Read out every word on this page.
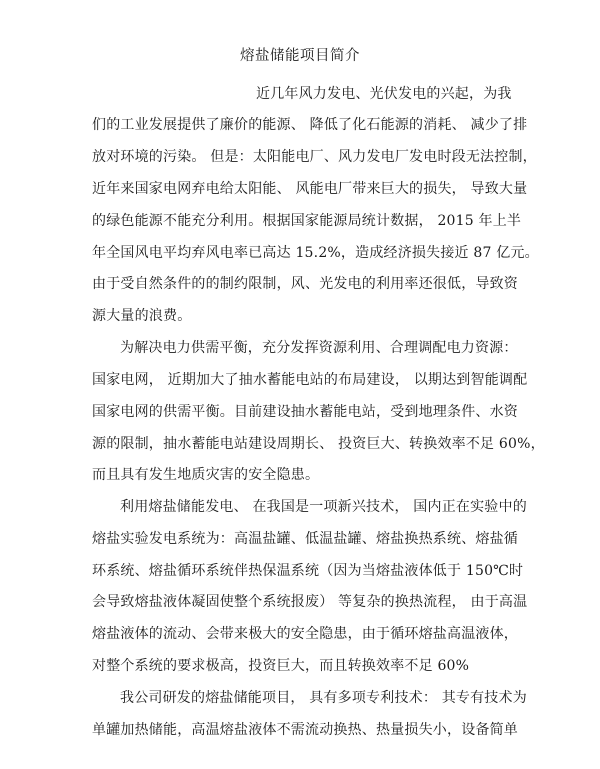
熔盐储能项目简介
近几年风力发电、光伏发电的兴起，为我
们的工业发展提供了廉价的能源、 降低了化石能源的消耗、 减少了排
放对环境的污染。 但是：太阳能电厂、风力发电厂发电时段无法控制，
近年来国家电网弃电给太阳能、 风能电厂带来巨大的损失， 导致大量
的绿色能源不能充分利用。根据国家能源局统计数据， 2015 年上半
年全国风电平均弃风电率已高达 15.2%，造成经济损失接近 87 亿元。
由于受自然条件的的制约限制，风、光发电的利用率还很低，导致资
源大量的浪费。
为解决电力供需平衡，充分发挥资源利用、合理调配电力资源：
国家电网， 近期加大了抽水蓄能电站的布局建设， 以期达到智能调配
国家电网的供需平衡。目前建设抽水蓄能电站，受到地理条件、水资
源的限制，抽水蓄能电站建设周期长、 投资巨大、转换效率不足 60%，
而且具有发生地质灾害的安全隐患。
利用熔盐储能发电、 在我国是一项新兴技术， 国内正在实验中的
熔盐实验发电系统为：高温盐罐、低温盐罐、熔盐换热系统、熔盐循
环系统、熔盐循环系统伴热保温系统（因为当熔盐液体低于 150℃时
会导致熔盐液体凝固使整个系统报废） 等复杂的换热流程， 由于高温
熔盐液体的流动、会带来极大的安全隐患，由于循环熔盐高温液体，
对整个系统的要求极高，投资巨大，而且转换效率不足 60%
我公司研发的熔盐储能项目， 具有多项专利技术： 其专有技术为
单罐加热储能，高温熔盐液体不需流动换热、热量损失小，设备简单
